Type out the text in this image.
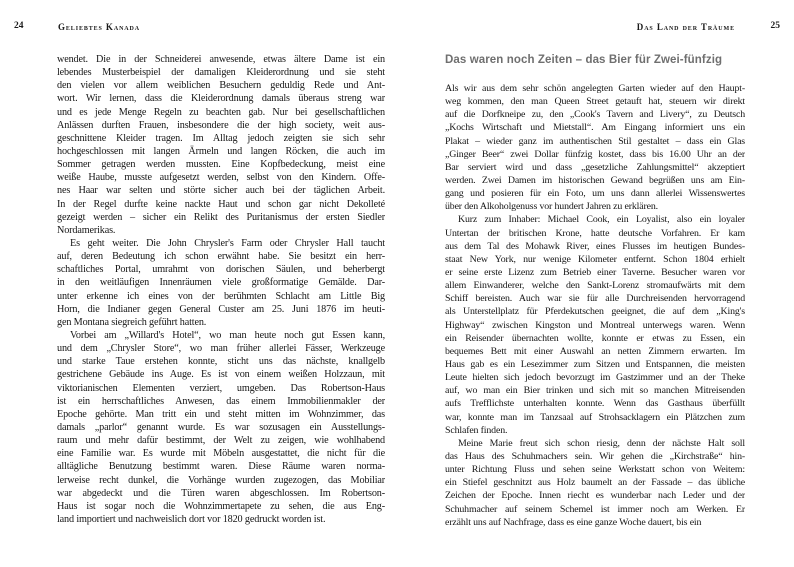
24	Geliebtes Kanada	Das Land der Träume	25
wendet. Die in der Schneiderei anwesende, etwas ältere Dame ist ein
lebendes Musterbeispiel der damaligen Kleiderordnung und sie steht
den vielen vor allem weiblichen Besuchern geduldig Rede und Ant-
wort. Wir lernen, dass die Kleiderordnung damals überaus streng war
und es jede Menge Regeln zu beachten gab. Nur bei gesellschaftlichen
Anlässen durften Frauen, insbesondere die der high society, weit aus-
geschnittene Kleider tragen. Im Alltag jedoch zeigten sie sich sehr
hochgeschlossen mit langen Ärmeln und langen Röcken, die auch im
Sommer getragen werden mussten. Eine Kopfbedeckung, meist eine
weiße Haube, musste aufgesetzt werden, selbst von den Kindern. Offe-
nes Haar war selten und störte sicher auch bei der täglichen Arbeit.
In der Regel durfte keine nackte Haut und schon gar nicht Dekolleté
gezeigt werden – sicher ein Relikt des Puritanismus der ersten Siedler
Nordamerikas.
Es geht weiter. Die John Chrysler's Farm oder Chrysler Hall taucht
auf, deren Bedeutung ich schon erwähnt habe. Sie besitzt ein herr-
schaftliches Portal, umrahmt von dorischen Säulen, und beherbergt
in den weitläufigen Innenräumen viele großformatige Gemälde. Dar-
unter erkenne ich eines von der berühmten Schlacht am Little Big
Horn, die Indianer gegen General Custer am 25. Juni 1876 im heuti-
gen Montana siegreich geführt hatten.
Vorbei am „Willard's Hotel“, wo man heute noch gut Essen kann,
und dem „Chrysler Store“, wo man früher allerlei Fässer, Werkzeuge
und starke Taue erstehen konnte, sticht uns das nächste, knallgelb
gestrichene Gebäude ins Auge. Es ist von einem weißen Holzzaun, mit
viktorianischen Elementen verziert, umgeben. Das Robertson-Haus
ist ein herrschaftliches Anwesen, das einem Immobilienmakler der
Epoche gehörte. Man tritt ein und steht mitten im Wohnzimmer, das
damals „parlor“ genannt wurde. Es war sozusagen ein Ausstellungs-
raum und mehr dafür bestimmt, der Welt zu zeigen, wie wohlhabend
eine Familie war. Es wurde mit Möbeln ausgestattet, die nicht für die
alltägliche Benutzung bestimmt waren. Diese Räume waren norma-
lerweise recht dunkel, die Vorhänge wurden zugezogen, das Mobiliar
war abgedeckt und die Türen waren abgeschlossen. Im Robertson-
Haus ist sogar noch die Wohnzimmertapete zu sehen, die aus Eng-
land importiert und nachweislich dort vor 1820 gedruckt worden ist.
Das waren noch Zeiten – das Bier für Zwei-fünfzig
Als wir aus dem sehr schön angelegten Garten wieder auf den Haupt-
weg kommen, den man Queen Street getauft hat, steuern wir direkt
auf die Dorfkneipe zu, den „Cook's Tavern and Livery“, zu Deutsch
„Kochs Wirtschaft und Mietstall“. Am Eingang informiert uns ein
Plakat – wieder ganz im authentischen Stil gestaltet – dass ein Glas
„Ginger Beer“ zwei Dollar fünfzig kostet, dass bis 16.00 Uhr an der
Bar serviert wird und dass „gesetzliche Zahlungsmittel“ akzeptiert
werden. Zwei Damen im historischen Gewand begrüßen uns am Ein-
gang und posieren für ein Foto, um uns dann allerlei Wissenswertes
über den Alkoholgenuss vor hundert Jahren zu erklären.
Kurz zum Inhaber: Michael Cook, ein Loyalist, also ein loyaler
Untertan der britischen Krone, hatte deutsche Vorfahren. Er kam
aus dem Tal des Mohawk River, eines Flusses im heutigen Bundes-
staat New York, nur wenige Kilometer entfernt. Schon 1804 erhielt
er seine erste Lizenz zum Betrieb einer Taverne. Besucher waren vor
allem Einwanderer, welche den Sankt-Lorenz stromaufwärts mit dem
Schiff bereisten. Auch war sie für alle Durchreisenden hervorragend
als Unterstellplatz für Pferdekutschen geeignet, die auf dem „King's
Highway“ zwischen Kingston und Montreal unterwegs waren. Wenn
ein Reisender übernachten wollte, konnte er etwas zu Essen, ein
bequemes Bett mit einer Auswahl an netten Zimmern erwarten. Im
Haus gab es ein Lesezimmer zum Sitzen und Entspannen, die meisten
Leute hielten sich jedoch bevorzugt im Gastzimmer und an der Theke
auf, wo man ein Bier trinken und sich mit so manchen Mitreisenden
aufs Trefflichste unterhalten konnte. Wenn das Gasthaus überfüllt
war, konnte man im Tanzsaal auf Strohsacklagern ein Plätzchen zum
Schlafen finden.
Meine Marie freut sich schon riesig, denn der nächste Halt soll
das Haus des Schuhmachers sein. Wir gehen die „Kirchstraße“ hin-
unter Richtung Fluss und sehen seine Werkstatt schon von Weitem:
ein Stiefel geschnitzt aus Holz baumelt an der Fassade – das übliche
Zeichen der Epoche. Innen riecht es wunderbar nach Leder und der
Schuhmacher auf seinem Schemel ist immer noch am Werken. Er
erzählt uns auf Nachfrage, dass es eine ganze Woche dauert, bis ein
